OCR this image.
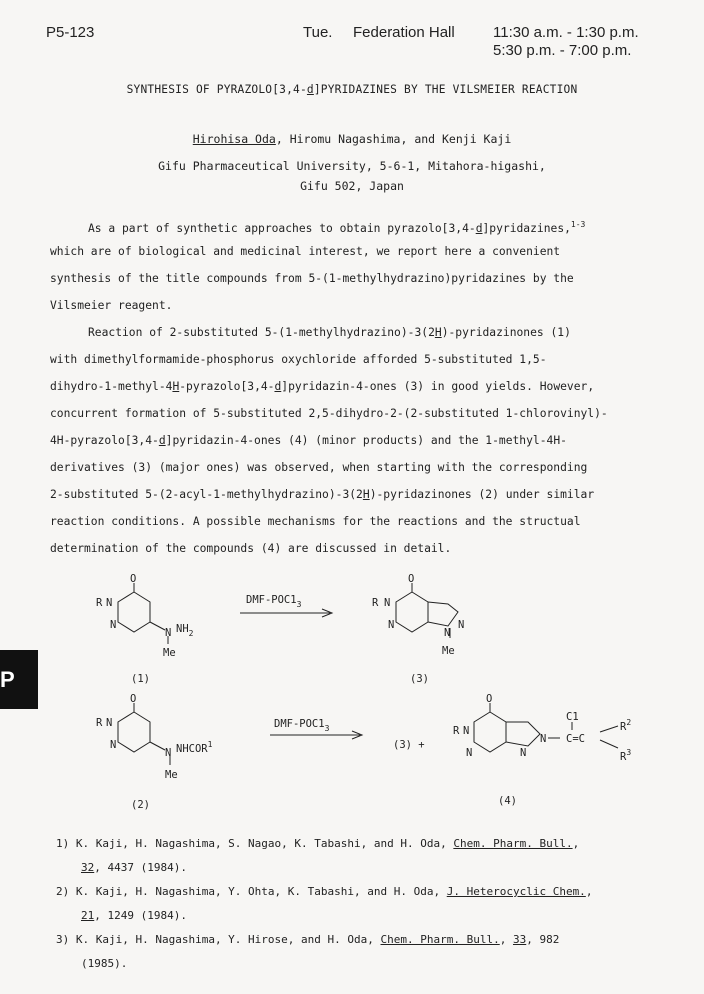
P5-123	Tue.	Federation Hall	11:30 a.m. - 1:30 p.m.
5:30 p.m. - 7:00 p.m.
SYNTHESIS OF PYRAZOLO[3,4-d]PYRIDAZINES BY THE VILSMEIER REACTION
Hirohisa Oda, Hiromu Nagashima, and Kenji Kaji
Gifu Pharmaceutical University, 5-6-1, Mitahora-higashi,
Gifu 502, Japan
As a part of synthetic approaches to obtain pyrazolo[3,4-d]pyridazines,$^{1-3}$
which are of biological and medicinal interest, we report here a convenient
synthesis of the title compounds from 5-(1-methylhydrazino)pyridazines by the
Vilsmeier reagent.
Reaction of 2-substituted 5-(1-methylhydrazino)-3(2H)-pyridazinones (1)
with dimethylformamide-phosphorus oxychloride afforded 5-substituted 1,5-
dihydro-1-methyl-4H-pyrazolo[3,4-d]pyridazin-4-ones (3) in good yields. However,
concurrent formation of 5-substituted 2,5-dihydro-2-(2-substituted 1-chlorovinyl)-
4H-pyrazolo[3,4-d]pyridazin-4-ones (4) (minor products) and the 1-methyl-4H-
derivatives (3) (major ones) was observed, when starting with the corresponding
2-substituted 5-(2-acyl-1-methylhydrazino)-3(2H)-pyridazinones (2) under similar
reaction conditions. A possible mechanisms for the reactions and the structual
determination of the compounds (4) are discussed in detail.
O
R N
N
N $NH_2$
Me
(1)
DMF-$POC1_3$
O
R N
N	N
N
Me
(3)
O
R N
N
N NHCOR$^1$
Me
(2)
DMF-$POC1_3$
(3) +
O
R N
N	N
N C=C
C1
$R^2$
$R^3$
(4)
1) K. Kaji, H. Nagashima, S. Nagao, K. Tabashi, and H. Oda, Chem. Pharm. Bull.,
32, 4437 (1984).
2) K. Kaji, H. Nagashima, Y. Ohta, K. Tabashi, and H. Oda, J. Heterocyclic Chem.,
21, 1249 (1984).
3) K. Kaji, H. Nagashima, Y. Hirose, and H. Oda, Chem. Pharm. Bull., 33, 982
(1985).
P
